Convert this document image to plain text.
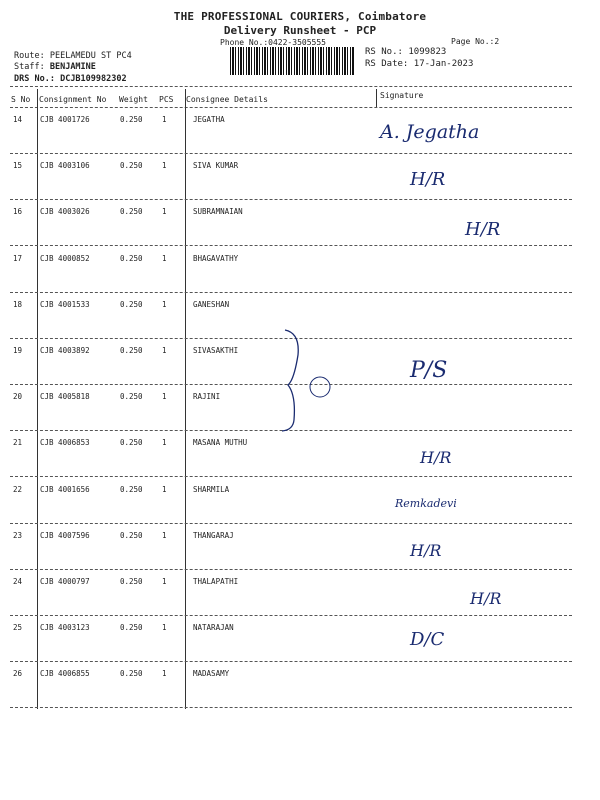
THE PROFESSIONAL COURIERS, Coimbatore
Delivery Runsheet - PCP
Phone No.:0422-3505555	Page No.:2
Route: PEELAMEDU ST PC4
Staff: BENJAMINE
DRS No.: DCJB109982302
RS No.: 1099823
RS Date: 17-Jan-2023
S No Consignment No Weight PCS Consignee Details	Signature
14 CJB 4001726	0.250	1	JEGATHA
A. Jegatha
15 CJB 4003106	0.250	1	SIVA KUMAR
H/R
16 CJB 4003026	0.250	1	SUBRAMNAIAN
H/R
17 CJB 4000852	0.250	1	BHAGAVATHY
18 CJB 4001533	0.250	1	GANESHAN
19 CJB 4003892	0.250	1	SIVASAKTHI
P/S
20 CJB 4005818	0.250	1	RAJINI
21 CJB 4006853	0.250	1	MASANA MUTHU
H/R
22 CJB 4001656	0.250	1	SHARMILA
Remkadevi
23 CJB 4007596	0.250	1	THANGARAJ
H/R
24 CJB 4000797	0.250	1	THALAPATHI
H/R
25 CJB 4003123	0.250	1	NATARAJAN
D/C
26 CJB 4006855	0.250	1	MADASAMY
